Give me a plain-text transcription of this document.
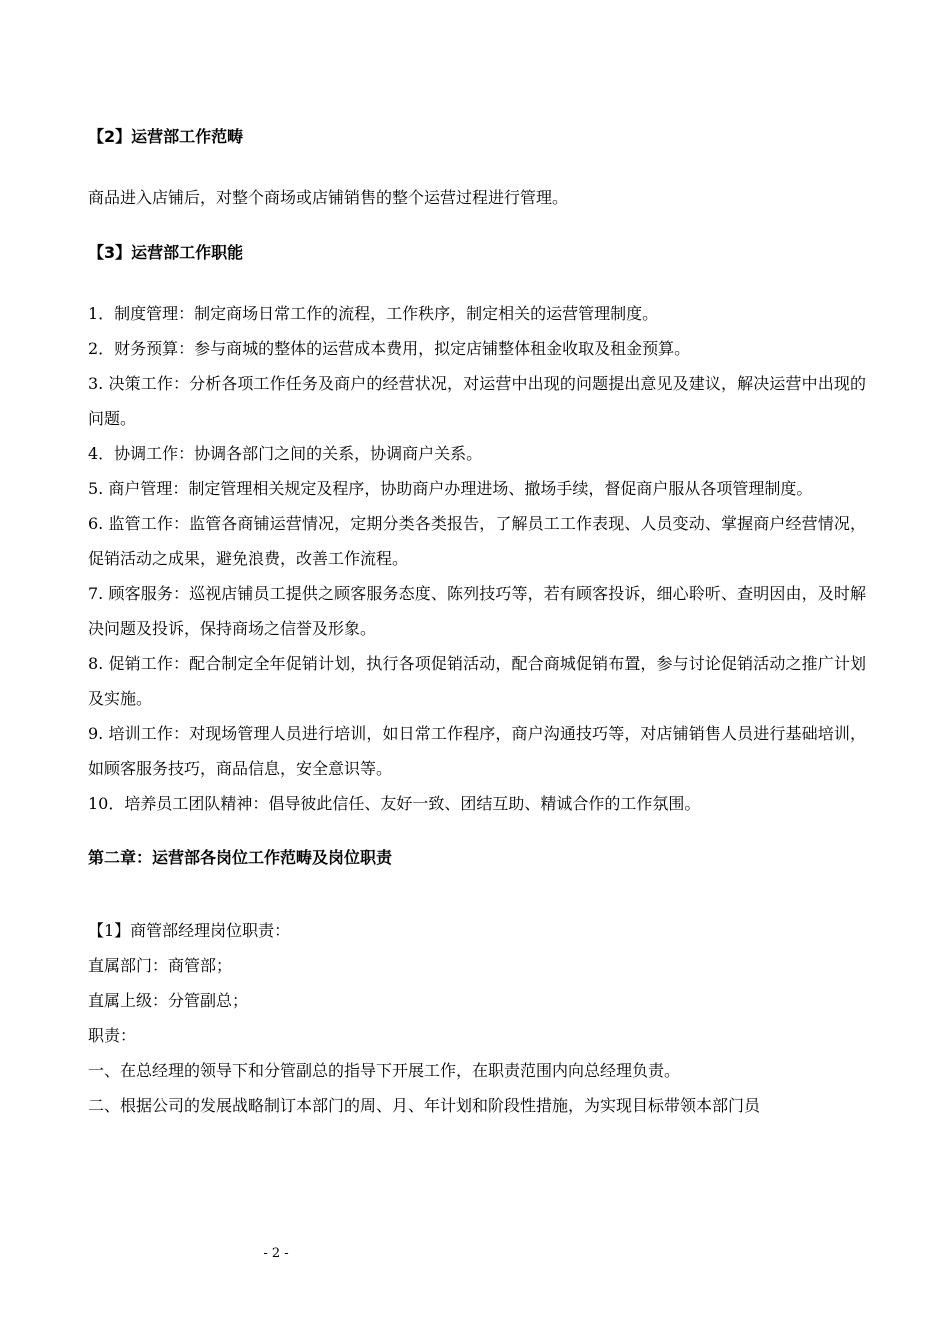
【2】运营部工作范畴

商品进入店铺后，对整个商场或店铺销售的整个运营过程进行管理。

【3】运营部工作职能

1．制度管理：制定商场日常工作的流程，工作秩序，制定相关的运营管理制度。

2．财务预算：参与商城的整体的运营成本费用，拟定店铺整体租金收取及租金预算。

3. 决策工作：分析各项工作任务及商户的经营状况，对运营中出现的问题提出意见及建议，解决运营中出现的问题。

4．协调工作：协调各部门之间的关系，协调商户关系。

5. 商户管理：制定管理相关规定及程序，协助商户办理进场、撤场手续，督促商户服从各项管理制度。

6. 监管工作：监管各商铺运营情况，定期分类各类报告，了解员工工作表现、人员变动、掌握商户经营情况，促销活动之成果，避免浪费，改善工作流程。

7. 顾客服务：巡视店铺员工提供之顾客服务态度、陈列技巧等，若有顾客投诉，细心聆听、查明因由，及时解决问题及投诉，保持商场之信誉及形象。

8. 促销工作：配合制定全年促销计划，执行各项促销活动，配合商城促销布置，参与讨论促销活动之推广计划及实施。

9. 培训工作：对现场管理人员进行培训，如日常工作程序，商户沟通技巧等，对店铺销售人员进行基础培训，如顾客服务技巧，商品信息，安全意识等。

10．培养员工团队精神：倡导彼此信任、友好一致、团结互助、精诚合作的工作氛围。

第二章：运营部各岗位工作范畴及岗位职责

【1】商管部经理岗位职责：

直属部门：商管部；

直属上级：分管副总；

职责：

一、在总经理的领导下和分管副总的指导下开展工作，在职责范围内向总经理负责。

二、根据公司的发展战略制订本部门的周、月、年计划和阶段性措施，为实现目标带领本部门员

- 2 -
